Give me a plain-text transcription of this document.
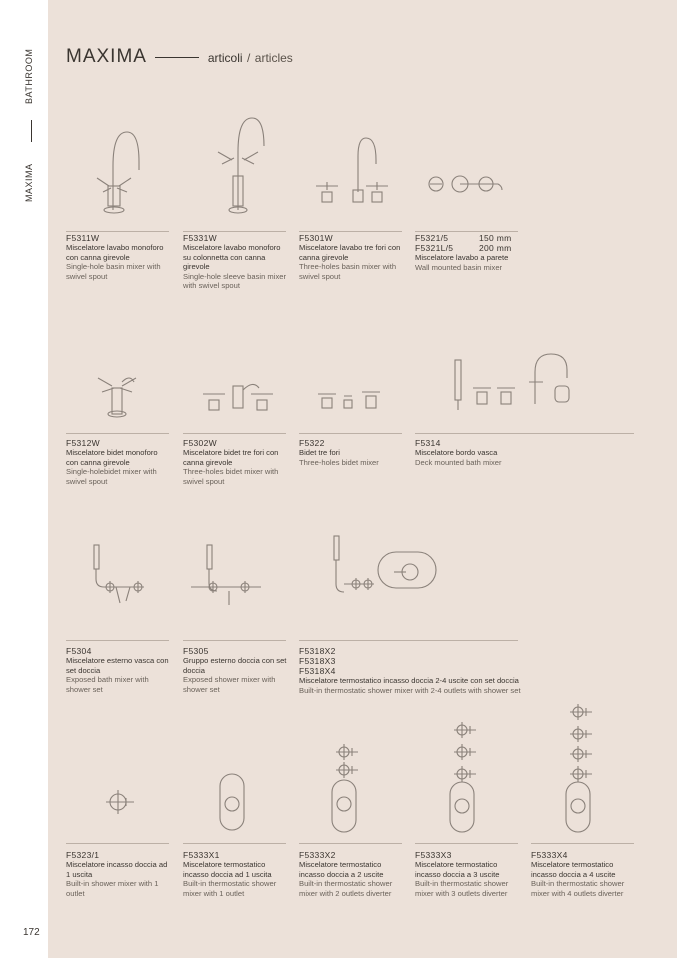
BATHROOM
MAXIMA
172
MAXIMA	articoli / articles
F5311W
Miscelatore lavabo monoforo con canna girevole
Single-hole basin mixer with swivel spout
F5331W
Miscelatore lavabo monoforo su colonnetta con canna girevole
Single-hole sleeve basin mixer with swivel spout
F5301W
Miscelatore lavabo tre fori con canna girevole
Three-holes basin mixer with swivel spout
F5321/5	150 mm
F5321L/5	200 mm
Miscelatore lavabo a parete
Wall mounted basin mixer
F5312W
Miscelatore bidet monoforo con canna girevole
Single-holebidet mixer with swivel spout
F5302W
Miscelatore bidet tre fori con canna girevole
Three-holes bidet mixer with swivel spout
F5322
Bidet tre fori
Three-holes bidet mixer
F5314
Miscelatore bordo vasca
Deck mounted bath mixer
F5304
Miscelatore esterno vasca con set doccia
Exposed bath mixer with shower set
F5305
Gruppo esterno doccia con set doccia
Exposed shower mixer with shower set
F5318X2
F5318X3
F5318X4
Miscelatore termostatico incasso doccia 2-4 uscite con set doccia
Built-in thermostatic shower mixer with 2-4 outlets with shower set
F5323/1
Miscelatore incasso doccia ad 1 uscita
Built-in shower mixer with 1 outlet
F5333X1
Miscelatore termostatico incasso doccia ad 1 uscita
Built-in thermostatic shower mixer with 1 outlet
F5333X2
Miscelatore termostatico incasso doccia a 2 uscite
Built-in thermostatic shower mixer with 2 outlets diverter
F5333X3
Miscelatore termostatico incasso doccia a 3 uscite
Built-in thermostatic shower mixer with 3 outlets diverter
F5333X4
Miscelatore termostatico incasso doccia a 4 uscite
Built-in thermostatic shower mixer with 4 outlets diverter
